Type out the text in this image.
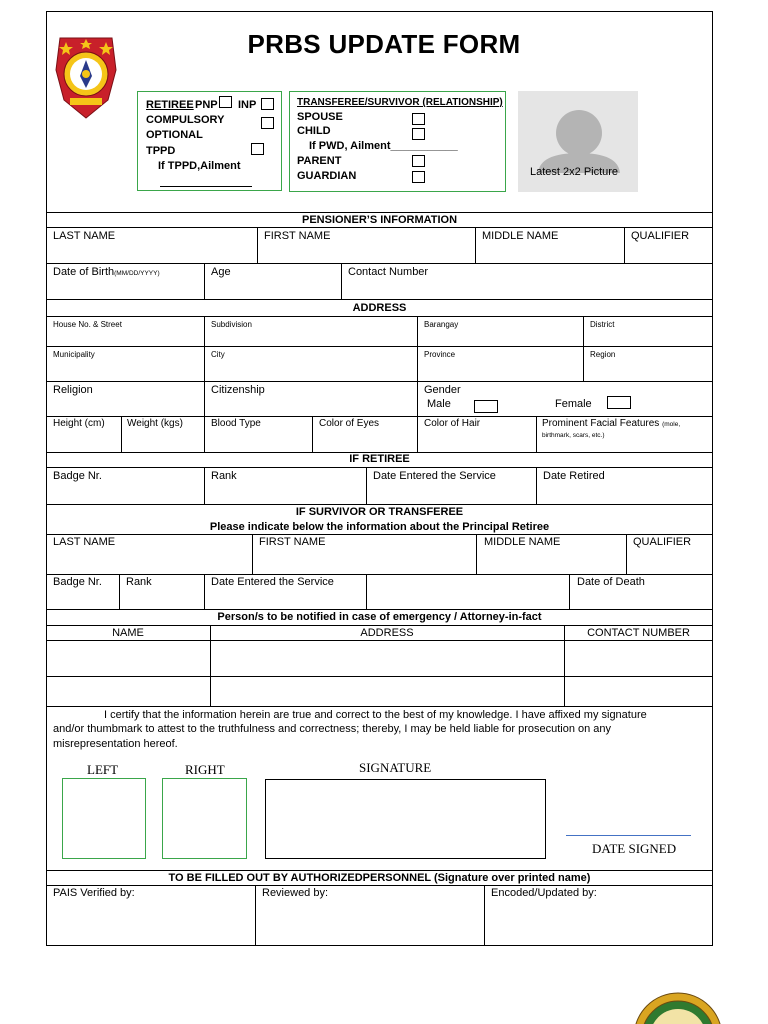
PRBS UPDATE FORM
RETIREE PNP INP
COMPULSORY
OPTIONAL
TPPD
If TPPD,Ailment
TRANSFEREE/SURVIVOR (RELATIONSHIP)
SPOUSE
CHILD
If PWD, Ailment___________
PARENT
GUARDIAN	Latest 2x2 Picture
PENSIONER’S INFORMATION
LAST NAME	FIRST NAME	MIDDLE NAME	QUALIFIER
Date of Birth(MM/DD/YYYY)	Age	Contact Number
ADDRESS
House No. & Street	Subdivision	Barangay	District
Municipality	City	Province	Region
Religion	Citizenship	Gender
Male	Female
Height (cm) Weight (kgs)	Blood Type	Color of Eyes	Color of Hair	Prominent Facial Features (mole,
birthmark, scars, etc.)
IF RETIREE
Badge Nr.	Rank	Date Entered the Service	Date Retired
IF SURVIVOR OR TRANSFEREE
Please indicate below the information about the Principal Retiree
LAST NAME	FIRST NAME	MIDDLE NAME	QUALIFIER
Badge Nr. Rank	Date Entered the Service	Date of Death
Person/s to be notified in case of emergency / Attorney-in-fact
NAME	ADDRESS	CONTACT NUMBER
I certify that the information herein are true and correct to the best of my knowledge. I have affixed my signature
and/or thumbmark to attest to the truthfulness and correctness; thereby, I may be held liable for prosecution on any
misrepresentation hereof.
LEFT	RIGHT	SIGNATURE
DATE SIGNED
TO BE FILLED OUT BY AUTHORIZEDPERSONNEL (Signature over printed name)
PAIS Verified by:	Reviewed by:	Encoded/Updated by:
